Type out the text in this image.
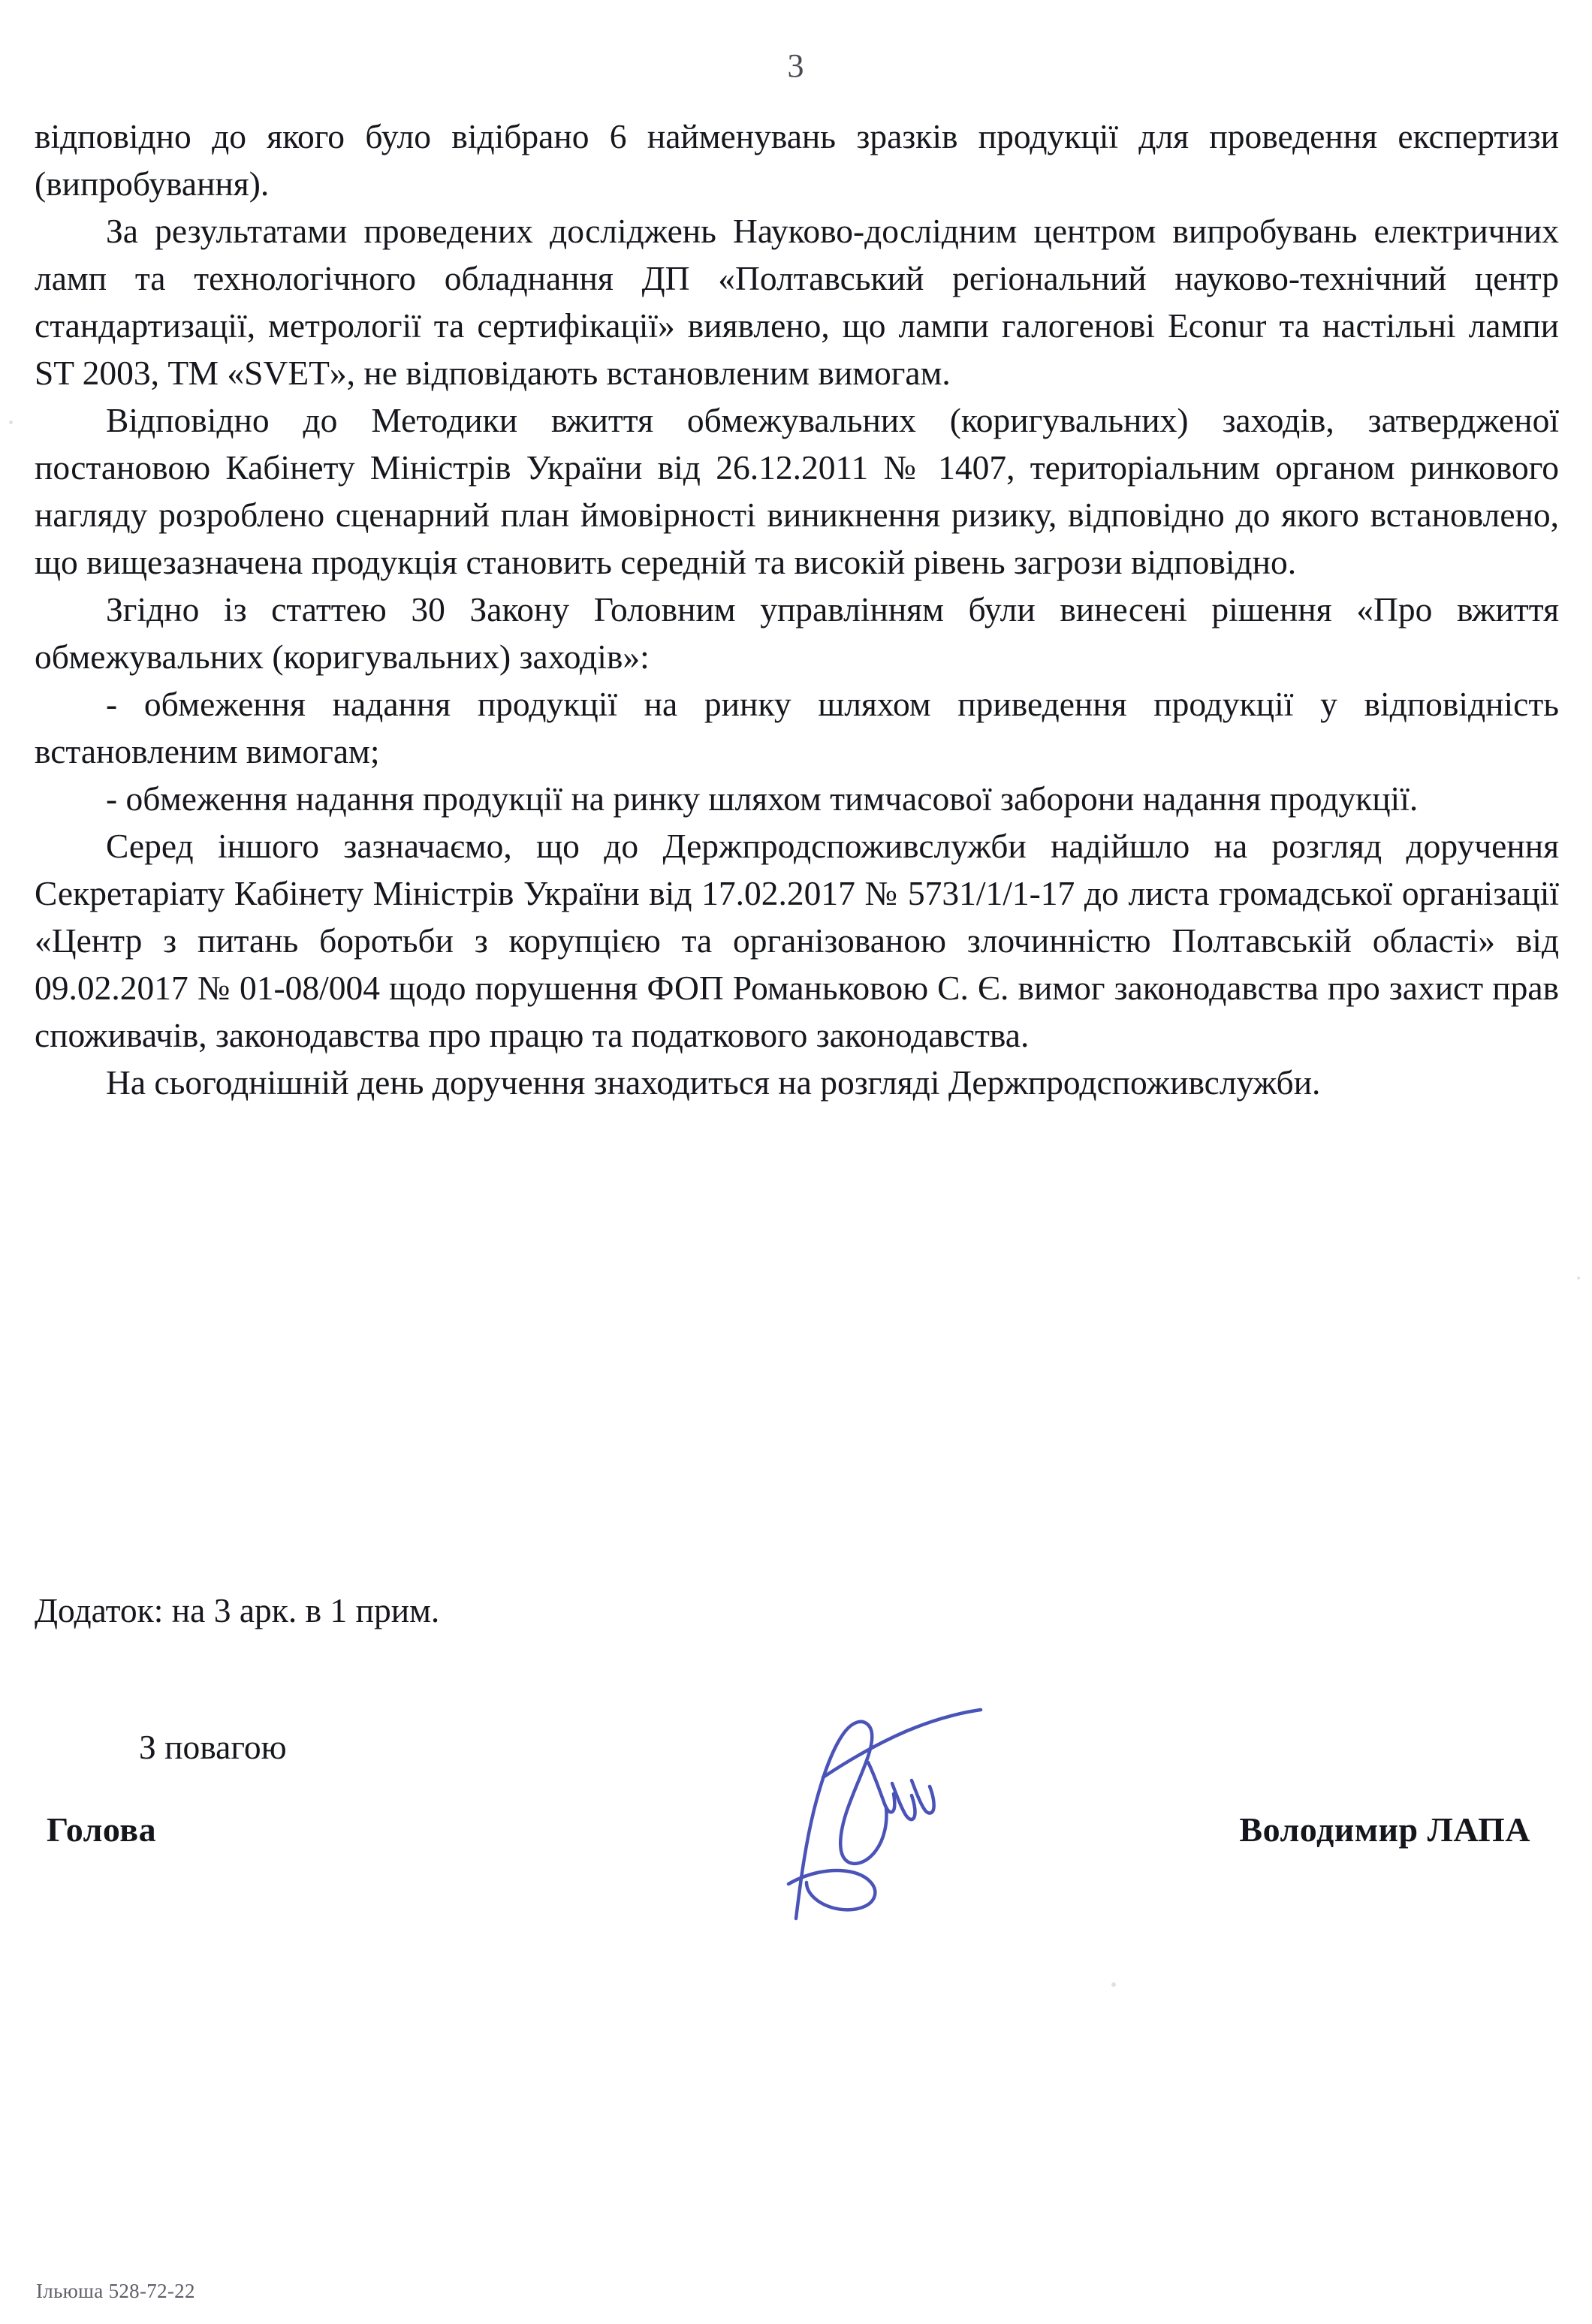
3

відповідно до якого було відібрано 6 найменувань зразків продукції для проведення експертизи (випробування).

За результатами проведених досліджень Науково-дослідним центром випробувань електричних ламп та технологічного обладнання ДП «Полтавський регіональний науково-технічний центр стандартизації, метрології та сертифікації» виявлено, що лампи галогенові Econur та настільні лампи ST 2003, ТМ «SVET», не відповідають встановленим вимогам.

Відповідно до Методики вжиття обмежувальних (коригувальних) заходів, затвердженої постановою Кабінету Міністрів України від 26.12.2011 № 1407, територіальним органом ринкового нагляду розроблено сценарний план ймовірності виникнення ризику, відповідно до якого встановлено, що вищезазначена продукція становить середній та високій рівень загрози відповідно.

Згідно із статтею 30 Закону Головним управлінням були винесені рішення «Про вжиття обмежувальних (коригувальних) заходів»:

- обмеження надання продукції на ринку шляхом приведення продукції у відповідність встановленим вимогам;

- обмеження надання продукції на ринку шляхом тимчасової заборони надання продукції.

Серед іншого зазначаємо, що до Держпродспоживслужби надійшло на розгляд доручення Секретаріату Кабінету Міністрів України від 17.02.2017 № 5731/1/1-17 до листа громадської організації «Центр з питань боротьби з корупцією та організованою злочинністю Полтавській області» від 09.02.2017 № 01-08/004 щодо порушення ФОП Романьковою С. Є. вимог законодавства про захист прав споживачів, законодавства про працю та податкового законодавства.

На сьогоднішній день доручення знаходиться на розгляді Держпродспоживслужби.

Додаток: на 3 арк. в 1 прим.
З повагою
Голова	Володимир ЛАПА
Ільюша 528-72-22
